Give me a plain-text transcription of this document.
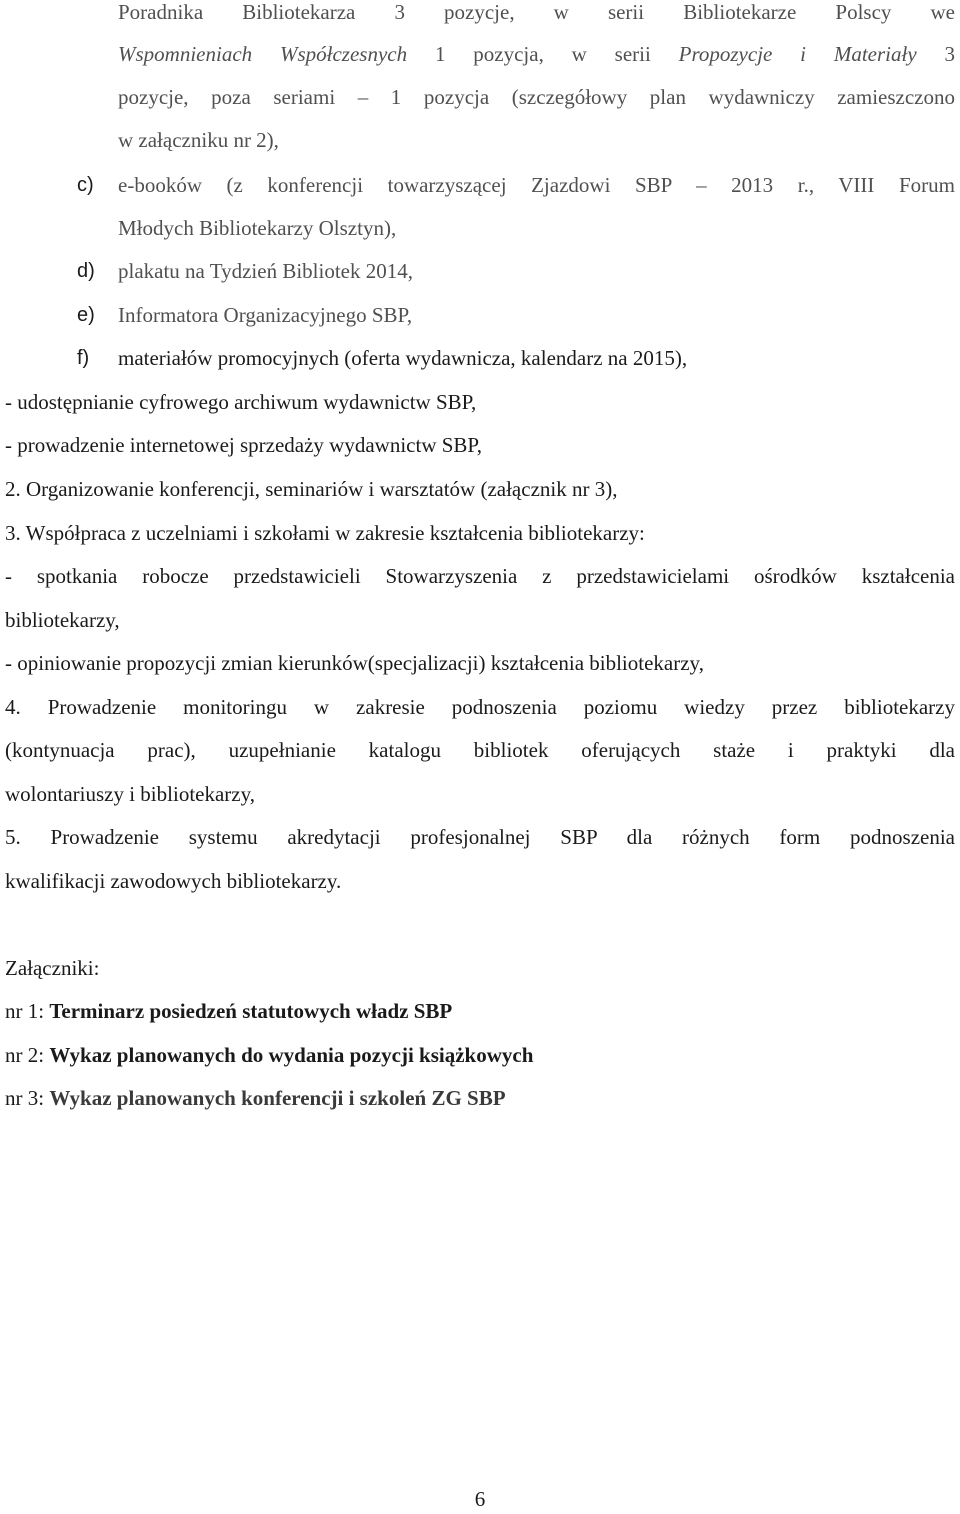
Poradnika Bibliotekarza 3 pozycje, w serii Bibliotekarze Polscy we
Wspomnieniach Współczesnych 1 pozycja, w serii Propozycje i Materiały 3
pozycje, poza seriami – 1 pozycja (szczegółowy plan wydawniczy zamieszczono
w załączniku nr 2),
c)	e-booków (z konferencji towarzyszącej Zjazdowi SBP – 2013 r., VIII Forum
Młodych Bibliotekarzy Olsztyn),
d)	plakatu na Tydzień Bibliotek 2014,
e)	Informatora Organizacyjnego SBP,
f)	materiałów promocyjnych (oferta wydawnicza, kalendarz na 2015),
- udostępnianie cyfrowego archiwum wydawnictw SBP,
- prowadzenie internetowej sprzedaży wydawnictw SBP,
2. Organizowanie konferencji, seminariów i warsztatów (załącznik nr 3),
3. Współpraca z uczelniami i szkołami w zakresie kształcenia bibliotekarzy:
- spotkania robocze przedstawicieli Stowarzyszenia z przedstawicielami ośrodków kształcenia
bibliotekarzy,
- opiniowanie propozycji zmian kierunków(specjalizacji) kształcenia bibliotekarzy,
4. Prowadzenie monitoringu w zakresie podnoszenia poziomu wiedzy przez bibliotekarzy
(kontynuacja prac), uzupełnianie katalogu bibliotek oferujących staże i praktyki dla
wolontariuszy i bibliotekarzy,
5. Prowadzenie systemu akredytacji profesjonalnej SBP dla różnych form podnoszenia
kwalifikacji zawodowych bibliotekarzy.
Załączniki:
nr 1: Terminarz posiedzeń statutowych władz SBP
nr 2: Wykaz planowanych do wydania pozycji książkowych
nr 3: Wykaz planowanych konferencji i szkoleń ZG SBP
6
